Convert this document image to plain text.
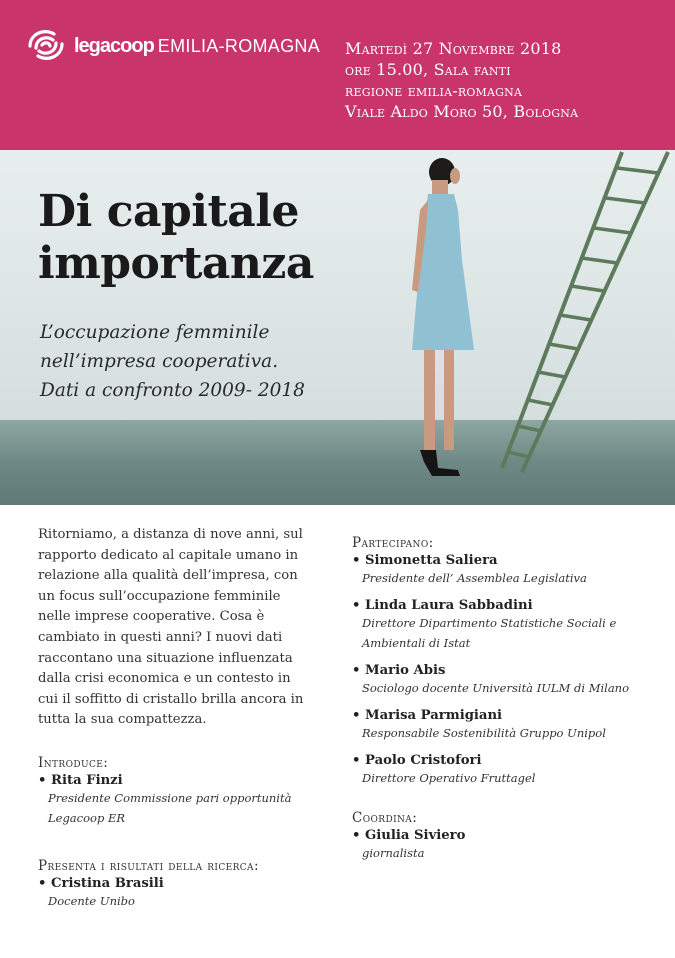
legacoop EMILIA-ROMAGNA Martedì 27 Novembre 2018
ore 15.00, Sala fanti
regione emilia-romagna
Viale Aldo Moro 50, Bologna
Di capitale
importanza
L’occupazione femminile
nell’impresa cooperativa.
Dati a confronto 2009- 2018
Ritorniamo, a distanza di nove anni, sul
rapporto dedicato al capitale umano in
relazione alla qualità dell’impresa, con
un focus sull’occupazione femminile
nelle imprese cooperative. Cosa è
cambiato in questi anni? I nuovi dati
raccontano una situazione influenzata
dalla crisi economica e un contesto in
cui il soffitto di cristallo brilla ancora in
tutta la sua compattezza.
Introduce:
• Rita Finzi
Presidente Commissione pari opportunità
Legacoop ER
Presenta i risultati della ricerca:
• Cristina Brasili
Docente Unibo
Partecipano:
• Simonetta Saliera
Presidente dell’ Assemblea Legislativa
• Linda Laura Sabbadini
Direttore Dipartimento Statistiche Sociali e
Ambientali di Istat
• Mario Abis
Sociologo docente Università IULM di Milano
• Marisa Parmigiani
Responsabile Sostenibilità Gruppo Unipol
• Paolo Cristofori
Direttore Operativo Fruttagel
Coordina:
• Giulia Siviero
giornalista
